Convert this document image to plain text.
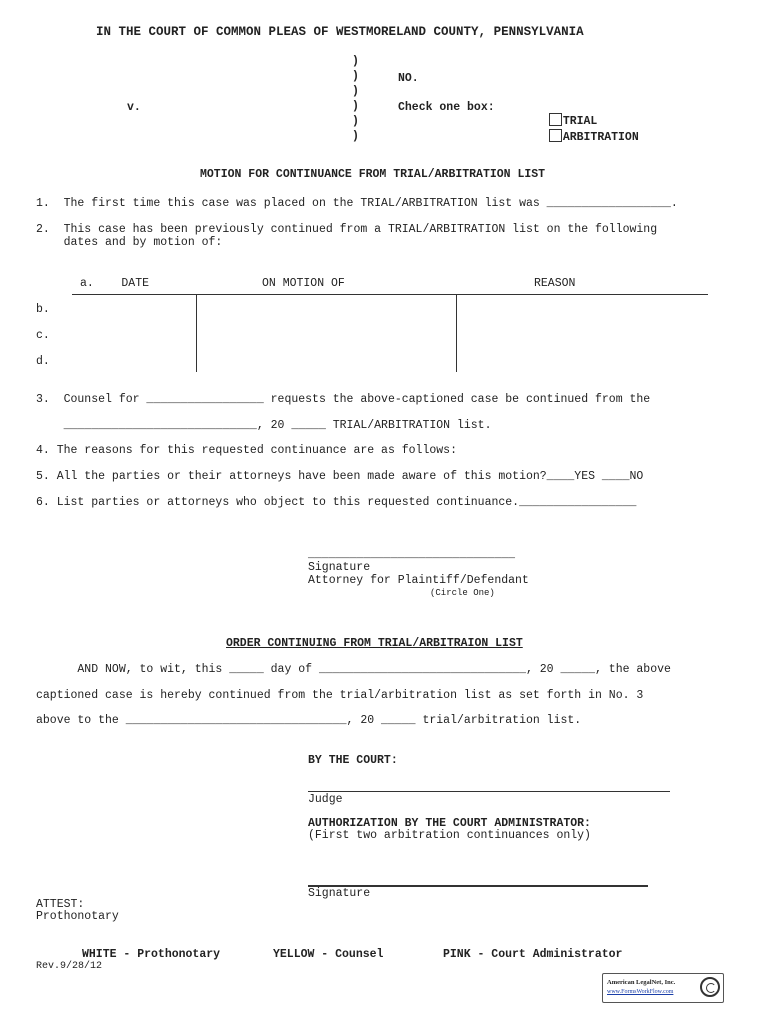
IN THE COURT OF COMMON PLEAS OF WESTMORELAND COUNTY, PENNSYLVANIA
)
)
)
)
)
)
NO.
v.	Check one box:

TRIAL

ARBITRATION

MOTION FOR CONTINUANCE FROM TRIAL/ARBITRATION LIST
1.  The first time this case was placed on the TRIAL/ARBITRATION list was __________________.
2.  This case has been previously continued from a TRIAL/ARBITRATION list on the following
dates and by motion of:
a.    DATE	ON MOTION OF	REASON
b.
c.
d.
3.  Counsel for _________________ requests the above-captioned case be continued from the
____________________________, 20 _____ TRIAL/ARBITRATION list.
4. The reasons for this requested continuance are as follows:
5. All the parties or their attorneys have been made aware of this motion?____YES ____NO
6. List parties or attorneys who object to this requested continuance._________________
______________________________
Signature
Attorney for Plaintiff/Defendant
(Circle One)
ORDER CONTINUING FROM TRIAL/ARBITRAION LIST
AND NOW, to wit, this _____ day of ______________________________, 20 _____, the above
captioned case is hereby continued from the trial/arbitration list as set forth in No. 3
above to the ________________________________, 20 _____ trial/arbitration list.
BY THE COURT:
Judge
AUTHORIZATION BY THE COURT ADMINISTRATOR:
(First two arbitration continuances only)
Signature
ATTEST:
Prothonotary
WHITE - Prothonotary	YELLOW - Counsel	PINK - Court Administrator
Rev.9/28/12
American LegalNet, Inc.
www.FormsWorkFlow.com
